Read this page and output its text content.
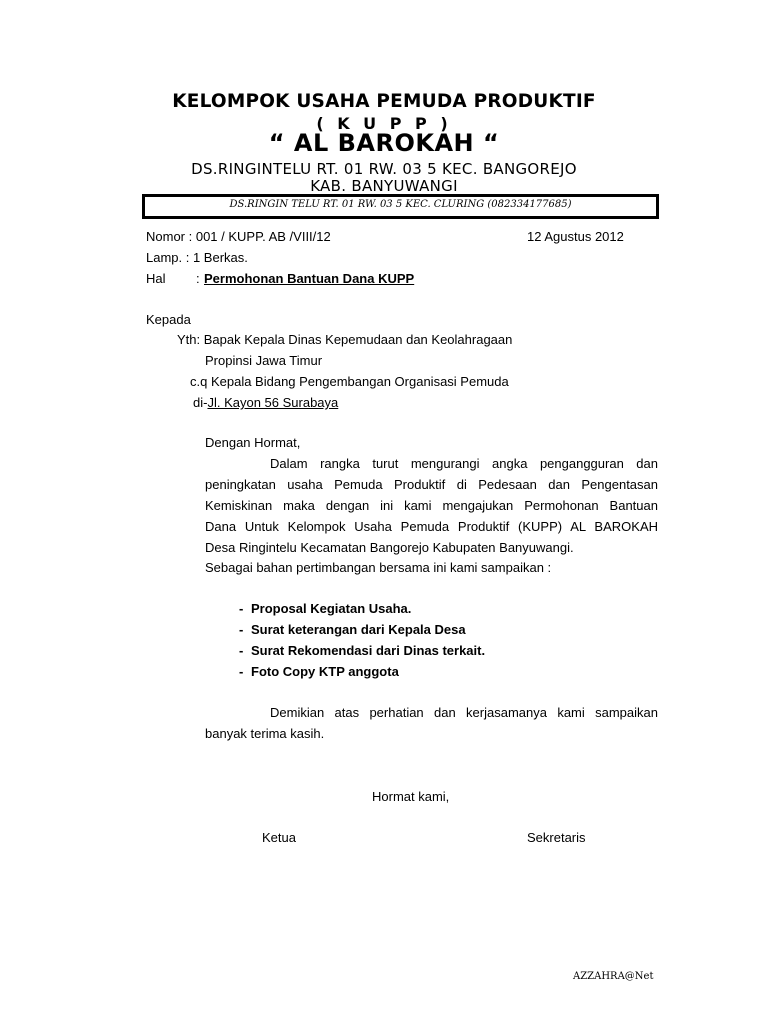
KELOMPOK USAHA PEMUDA PRODUKTIF
( K U P P )
“ AL BAROKAH “
DS.RINGINTELU RT. 01 RW. 03 5 KEC. BANGOREJO
KAB. BANYUWANGI
DS.RINGIN TELU RT. 01 RW. 03 5 KEC. CLURING (082334177685)
Nomor : 001 / KUPP. AB /VIII/12	12 Agustus 2012
Lamp. : 1 Berkas.
Hal : Permohonan Bantuan Dana KUPP
Kepada
Yth: Bapak Kepala Dinas Kepemudaan dan Keolahragaan
Propinsi Jawa Timur
c.q Kepala Bidang Pengembangan Organisasi Pemuda
di-Jl. Kayon 56 Surabaya
Dengan Hormat,
Dalam rangka turut mengurangi angka pengangguran dan
peningkatan usaha Pemuda Produktif di Pedesaan dan Pengentasan
Kemiskinan maka dengan ini kami mengajukan Permohonan Bantuan
Dana Untuk Kelompok Usaha Pemuda Produktif (KUPP) AL BAROKAH
Desa Ringintelu Kecamatan Bangorejo Kabupaten Banyuwangi.
Sebagai bahan pertimbangan bersama ini kami sampaikan :
- Proposal Kegiatan Usaha.
- Surat keterangan dari Kepala Desa
- Surat Rekomendasi dari Dinas terkait.
- Foto Copy KTP anggota
Demikian atas perhatian dan kerjasamanya kami sampaikan
banyak terima kasih.
Hormat kami,
Ketua	Sekretaris
AZZAHRA@Net
